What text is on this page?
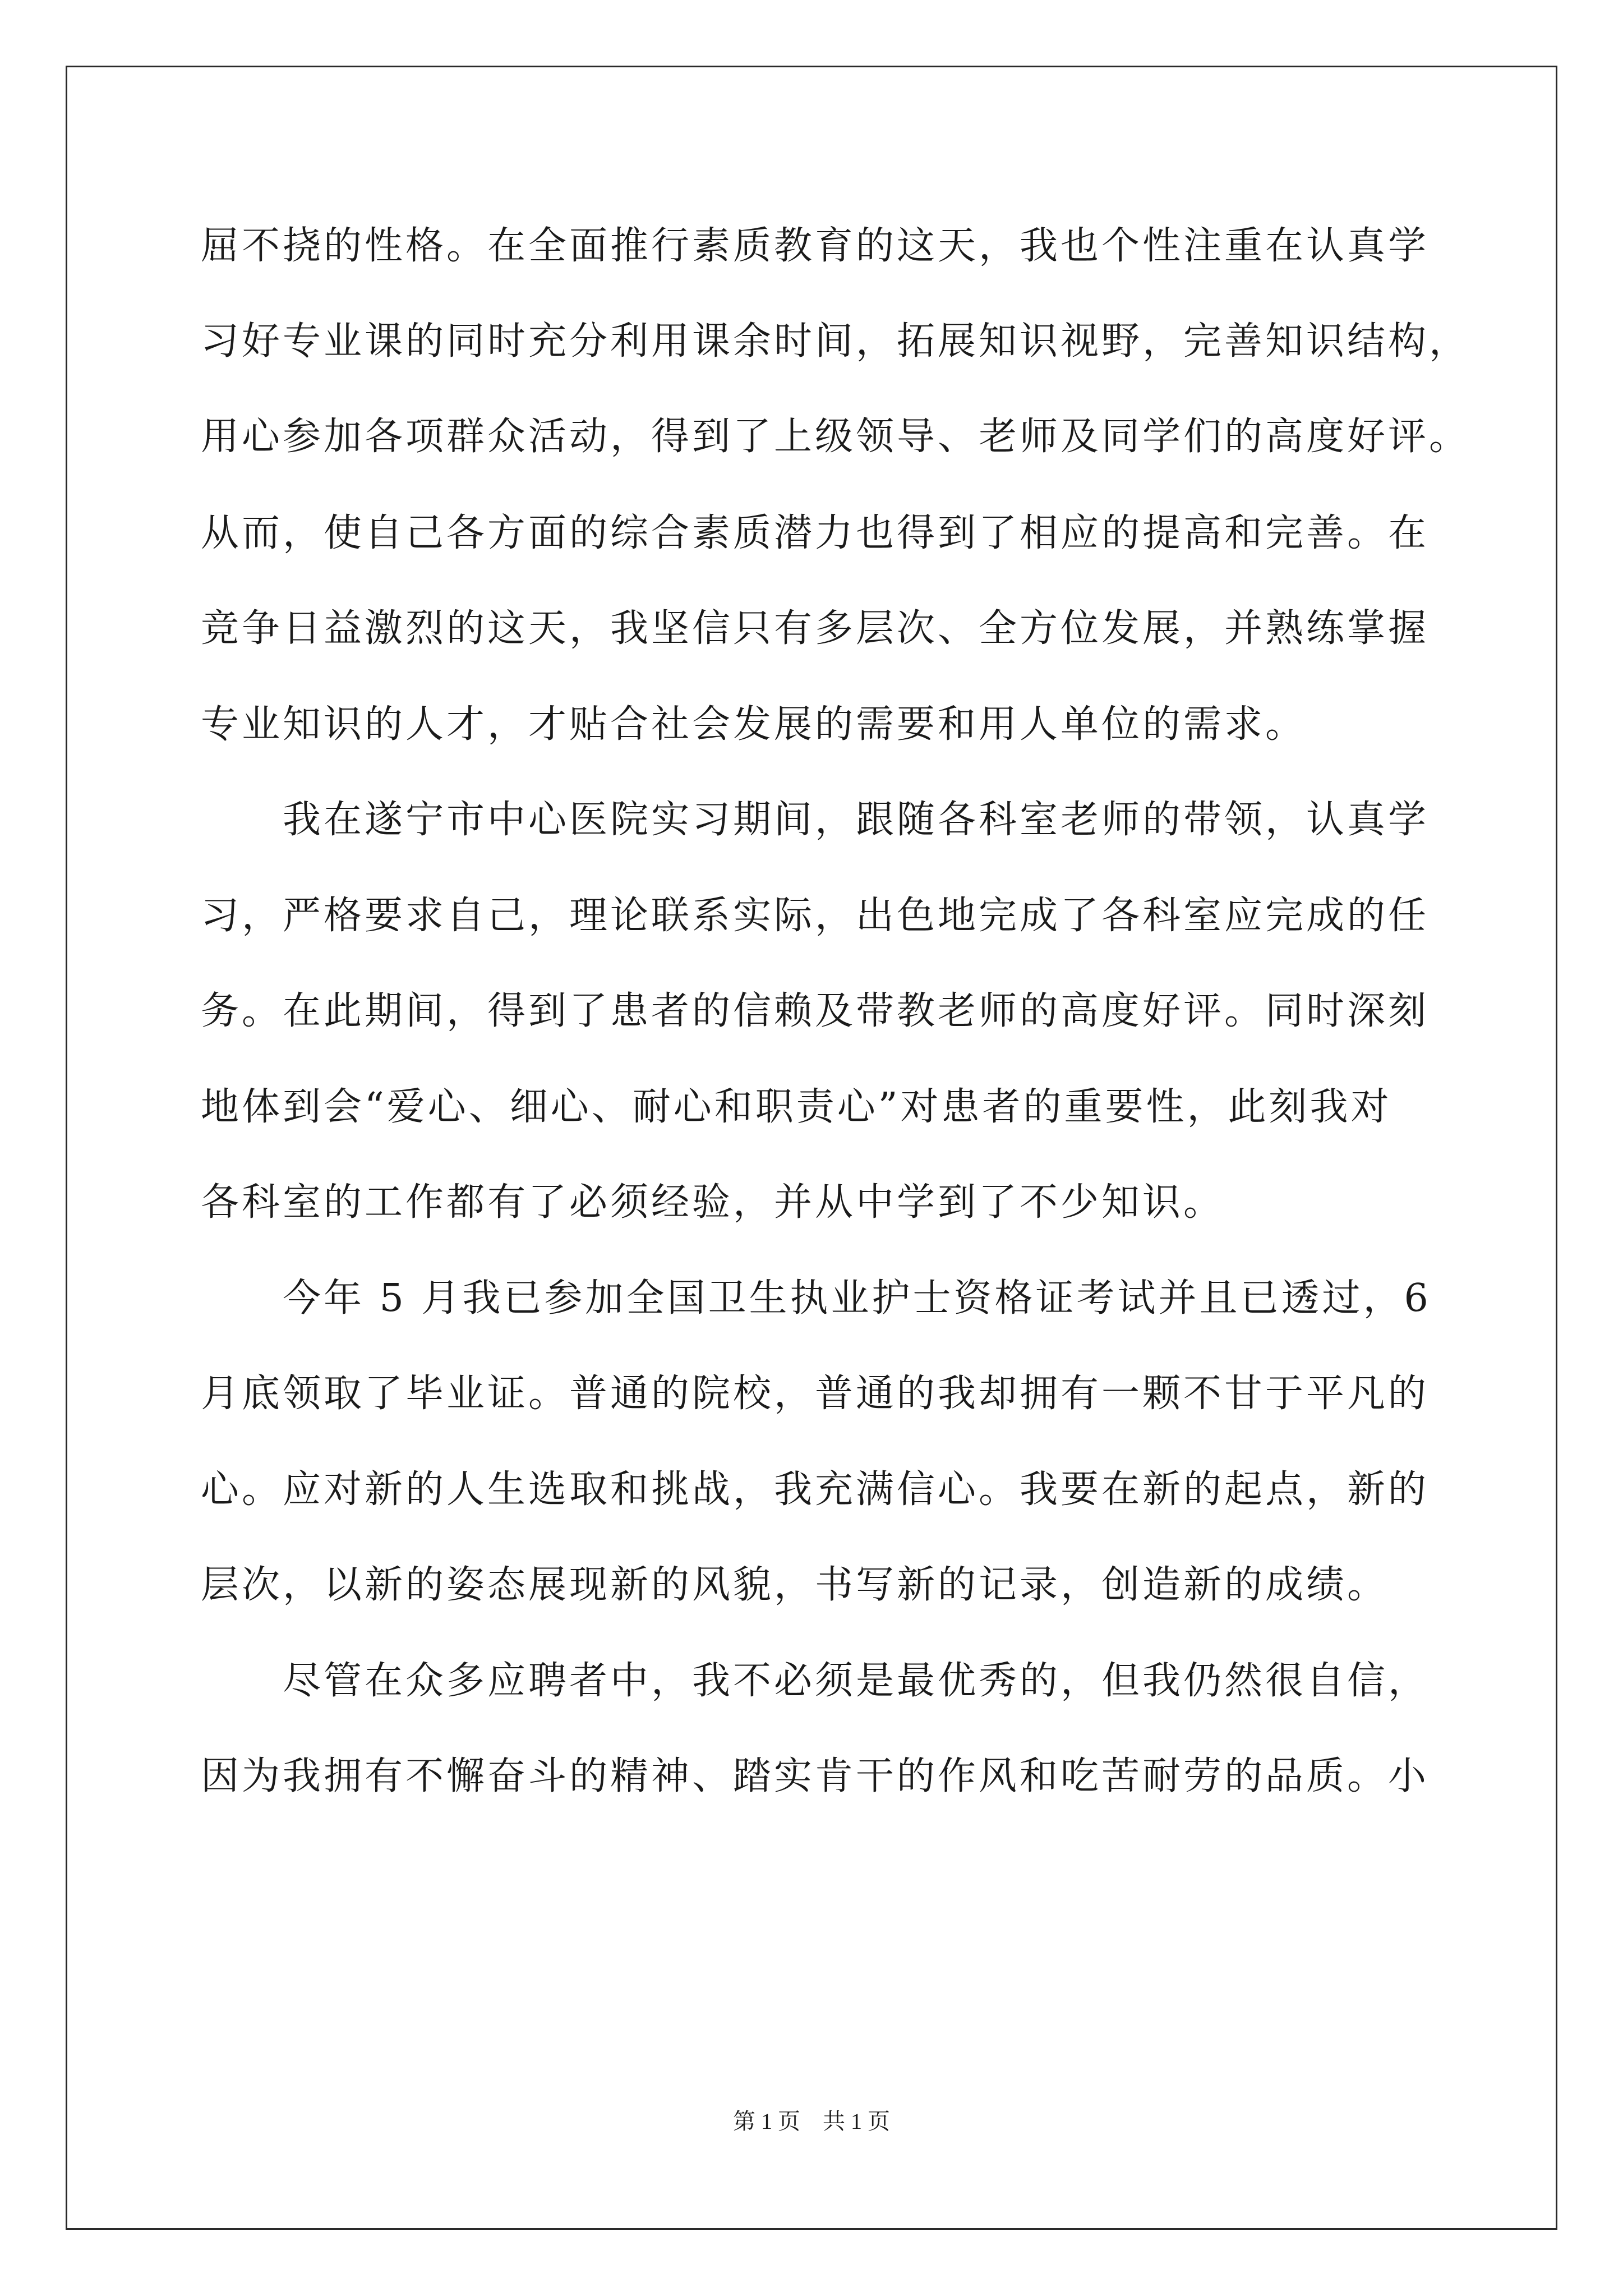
屈不挠的性格。在全面推行素质教育的这天，我也个性注重在认真学
习好专业课的同时充分利用课余时间，拓展知识视野，完善知识结构，
用心参加各项群众活动，得到了上级领导、老师及同学们的高度好评。
从而，使自己各方面的综合素质潜力也得到了相应的提高和完善。在
竞争日益激烈的这天，我坚信只有多层次、全方位发展，并熟练掌握
专业知识的人才，才贴合社会发展的需要和用人单位的需求。
　　我在遂宁市中心医院实习期间，跟随各科室老师的带领，认真学
习，严格要求自己，理论联系实际，出色地完成了各科室应完成的任
务。在此期间，得到了患者的信赖及带教老师的高度好评。同时深刻
地体到会“爱心、细心、耐心和职责心”对患者的重要性，此刻我对
各科室的工作都有了必须经验，并从中学到了不少知识。
　　今年 5 月我已参加全国卫生执业护士资格证考试并且已透过，6
月底领取了毕业证。普通的院校，普通的我却拥有一颗不甘于平凡的
心。应对新的人生选取和挑战，我充满信心。我要在新的起点，新的
层次，以新的姿态展现新的风貌，书写新的记录，创造新的成绩。
　　尽管在众多应聘者中，我不必须是最优秀的，但我仍然很自信，
因为我拥有不懈奋斗的精神、踏实肯干的作风和吃苦耐劳的品质。小
第 1 页　共 1 页
